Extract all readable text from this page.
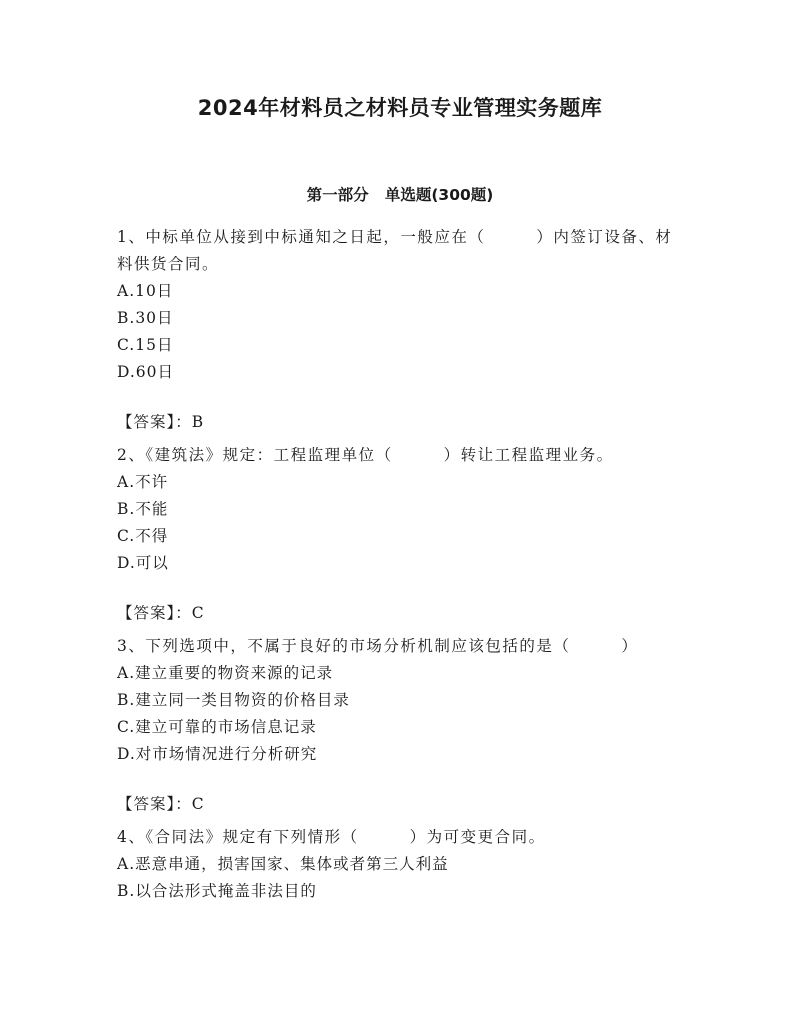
2024年材料员之材料员专业管理实务题库
第一部分   单选题(300题)

1、中标单位从接到中标通知之日起，一般应在（　　　）内签订设备、材料供货合同。

A.10日
B.30日
C.15日
D.60日

【答案】：B

2、《建筑法》规定：工程监理单位（　　　）转让工程监理业务。

A.不许
B.不能
C.不得
D.可以

【答案】：C

3、下列选项中，不属于良好的市场分析机制应该包括的是（　　　）

A.建立重要的物资来源的记录
B.建立同一类目物资的价格目录
C.建立可靠的市场信息记录
D.对市场情况进行分析研究

【答案】：C

4、《合同法》规定有下列情形（　　　）为可变更合同。

A.恶意串通，损害国家、集体或者第三人利益
B.以合法形式掩盖非法目的
